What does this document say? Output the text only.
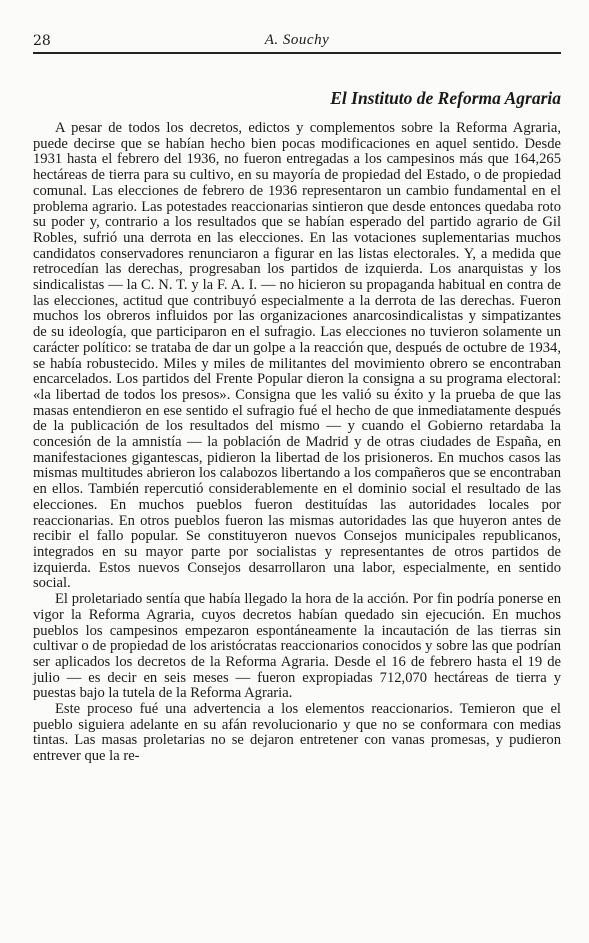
28	A. Souchy
El Instituto de Reforma Agraria

A pesar de todos los decretos, edictos y complementos sobre la Reforma Agraria, puede decirse que se habían hecho bien pocas modificaciones en aquel sentido. Desde 1931 hasta el febrero del 1936, no fueron entregadas a los campesinos más que 164,265 hectáreas de tierra para su cultivo, en su mayoría de propiedad del Estado, o de propiedad comunal. Las elecciones de febrero de 1936 representaron un cambio fundamental en el problema agrario. Las potestades reaccionarias sintieron que desde entonces quedaba roto su poder y, contrario a los resultados que se habían esperado del partido agrario de Gil Robles, sufrió una derrota en las elecciones. En las votaciones suplementarias muchos candidatos conservadores renunciaron a figurar en las listas electorales. Y, a medida que retrocedían las derechas, progresaban los partidos de izquierda. Los anarquistas y los sindicalistas — la C. N. T. y la F. A. I. — no hicieron su propaganda habitual en contra de las elecciones, actitud que contribuyó especialmente a la derrota de las derechas. Fueron muchos los obreros influidos por las organizaciones anarcosindicalistas y simpatizantes de su ideología, que participaron en el sufragio. Las elecciones no tuvieron solamente un carácter político: se trataba de dar un golpe a la reacción que, después de octubre de 1934, se había robustecido. Miles y miles de militantes del movimiento obrero se encontraban encarcelados. Los partidos del Frente Popular dieron la consigna a su programa electoral: «la libertad de todos los presos». Consigna que les valió su éxito y la prueba de que las masas entendieron en ese sentido el sufragio fué el hecho de que inmediatamente después de la publicación de los resultados del mismo — y cuando el Gobierno retardaba la concesión de la amnistía — la población de Madrid y de otras ciudades de España, en manifestaciones gigantescas, pidieron la libertad de los prisioneros. En muchos casos las mismas multitudes abrieron los calabozos libertando a los compañeros que se encontraban en ellos. También repercutió considerablemente en el dominio social el resultado de las elecciones. En muchos pueblos fueron destituídas las autoridades locales por reaccionarias. En otros pueblos fueron las mismas autoridades las que huyeron antes de recibir el fallo popular. Se constituyeron nuevos Consejos municipales republicanos, integrados en su mayor parte por socialistas y representantes de otros partidos de izquierda. Estos nuevos Consejos desarrollaron una labor, especialmente, en sentido social.

El proletariado sentía que había llegado la hora de la acción. Por fin podría ponerse en vigor la Reforma Agraria, cuyos decretos habían quedado sin ejecución. En muchos pueblos los campesinos empezaron espontáneamente la incautación de las tierras sin cultivar o de propiedad de los aristócratas reaccionarios conocidos y sobre las que podrían ser aplicados los decretos de la Reforma Agraria. Desde el 16 de febrero hasta el 19 de julio — es decir en seis meses — fueron expropiadas 712,070 hectáreas de tierra y puestas bajo la tutela de la Reforma Agraria.

Este proceso fué una advertencia a los elementos reaccionarios. Temieron que el pueblo siguiera adelante en su afán revolucionario y que no se conformara con medias tintas. Las masas proletarias no se dejaron entretener con vanas promesas, y pudieron entrever que la re-
